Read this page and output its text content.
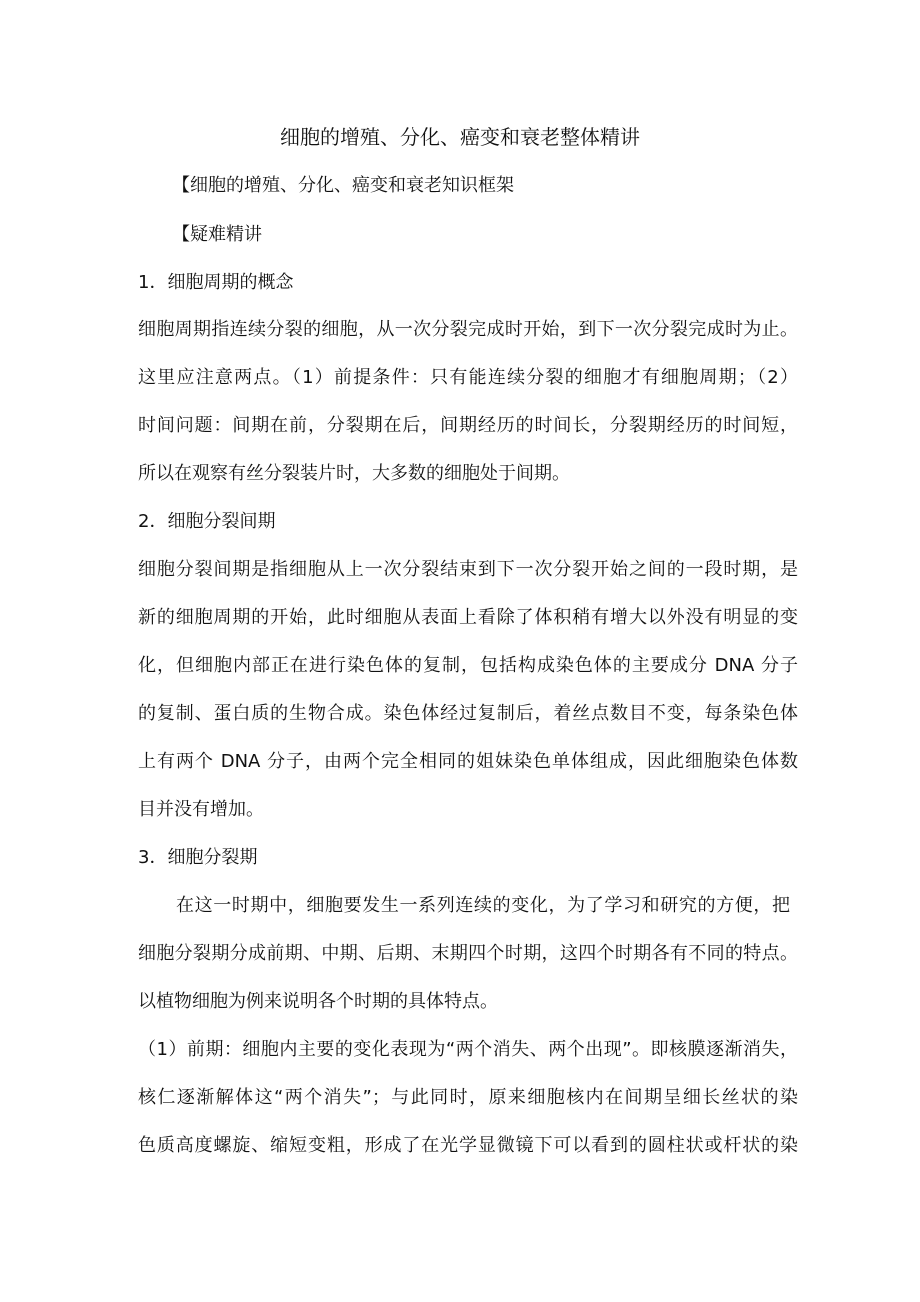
细胞的增殖、分化、癌变和衰老整体精讲
【细胞的增殖、分化、癌变和衰老知识框架
【疑难精讲
1．细胞周期的概念
细胞周期指连续分裂的细胞，从一次分裂完成时开始，到下一次分裂完成时为止。
这里应注意两点。（1）前提条件：只有能连续分裂的细胞才有细胞周期；（2）
时间问题：间期在前，分裂期在后，间期经历的时间长，分裂期经历的时间短，
所以在观察有丝分裂装片时，大多数的细胞处于间期。
2．细胞分裂间期
细胞分裂间期是指细胞从上一次分裂结束到下一次分裂开始之间的一段时期，是
新的细胞周期的开始，此时细胞从表面上看除了体积稍有增大以外没有明显的变
化，但细胞内部正在进行染色体的复制，包括构成染色体的主要成分 DNA 分子
的复制、蛋白质的生物合成。染色体经过复制后，着丝点数目不变，每条染色体
上有两个 DNA 分子，由两个完全相同的姐妹染色单体组成，因此细胞染色体数
目并没有增加。
3．细胞分裂期
在这一时期中，细胞要发生一系列连续的变化，为了学习和研究的方便，把
细胞分裂期分成前期、中期、后期、末期四个时期，这四个时期各有不同的特点。
以植物细胞为例来说明各个时期的具体特点。
（1）前期：细胞内主要的变化表现为“两个消失、两个出现”。即核膜逐渐消失，
核仁逐渐解体这“两个消失”；与此同时，原来细胞核内在间期呈细长丝状的染
色质高度螺旋、缩短变粗，形成了在光学显微镜下可以看到的圆柱状或杆状的染
